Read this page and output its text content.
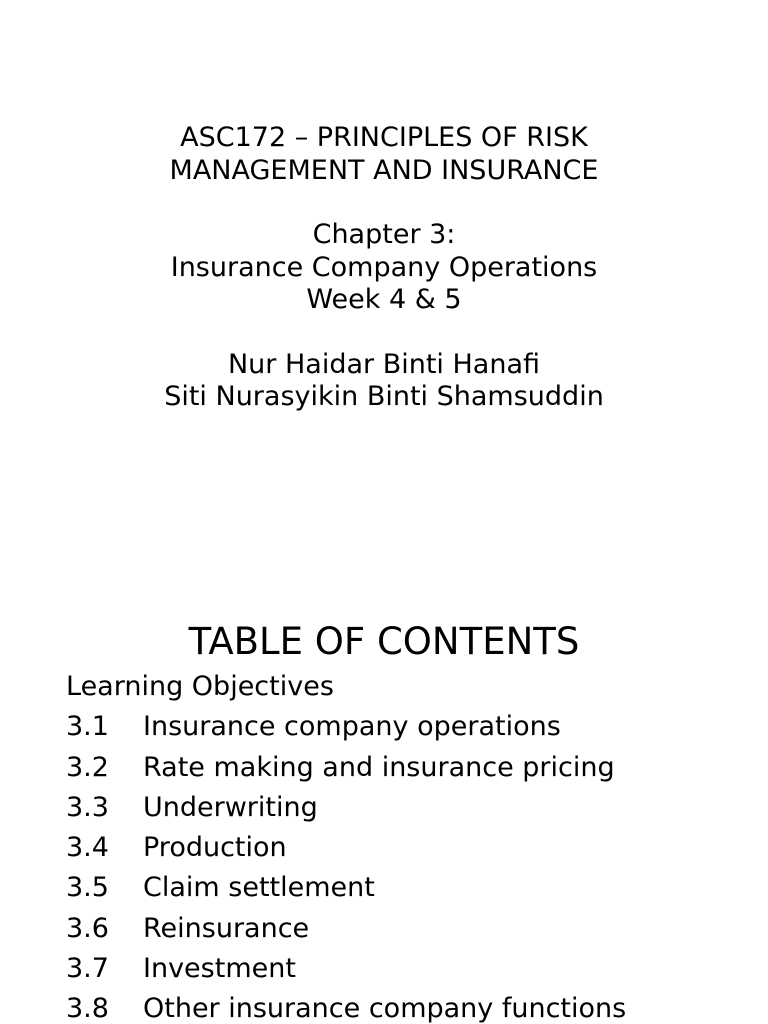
ASC172 – PRINCIPLES OF RISK
MANAGEMENT AND INSURANCE
Chapter 3:
Insurance Company Operations
Week 4 & 5
Nur Haidar Binti Hanafi
Siti Nurasyikin Binti Shamsuddin
TABLE OF CONTENTS
Learning Objectives
3.1	Insurance company operations
3.2	Rate making and insurance pricing
3.3	Underwriting
3.4	Production
3.5	Claim settlement
3.6	Reinsurance
3.7	Investment
3.8	Other insurance company functions
